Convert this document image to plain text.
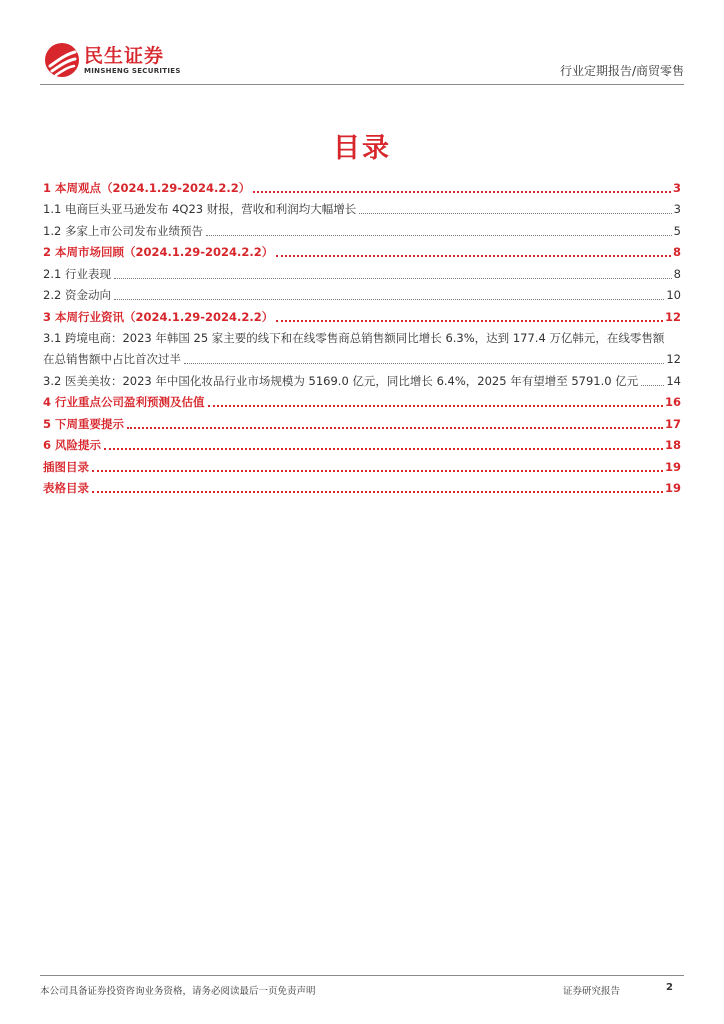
民生证券
MINSHENG SECURITIES	行业定期报告/商贸零售
目录
1 本周观点（2024.1.29-2024.2.2）	3
1.1 电商巨头亚马逊发布 4Q23 财报，营收和利润均大幅增长	3
1.2 多家上市公司发布业绩预告	5
2 本周市场回顾（2024.1.29-2024.2.2）	8
2.1 行业表现	8
2.2 资金动向	10
3 本周行业资讯（2024.1.29-2024.2.2）	12
3.1 跨境电商：2023 年韩国 25 家主要的线下和在线零售商总销售额同比增长 6.3%，达到 177.4 万亿韩元，在线零售额
在总销售额中占比首次过半	12
3.2 医美美妆：2023 年中国化妆品行业市场规模为 5169.0 亿元，同比增长 6.4%，2025 年有望增至 5791.0 亿元 14
4 行业重点公司盈利预测及估值	16
5 下周重要提示	17
6 风险提示	18
插图目录	19
表格目录	19
本公司具备证券投资咨询业务资格，请务必阅读最后一页免责声明	证券研究报告	2
